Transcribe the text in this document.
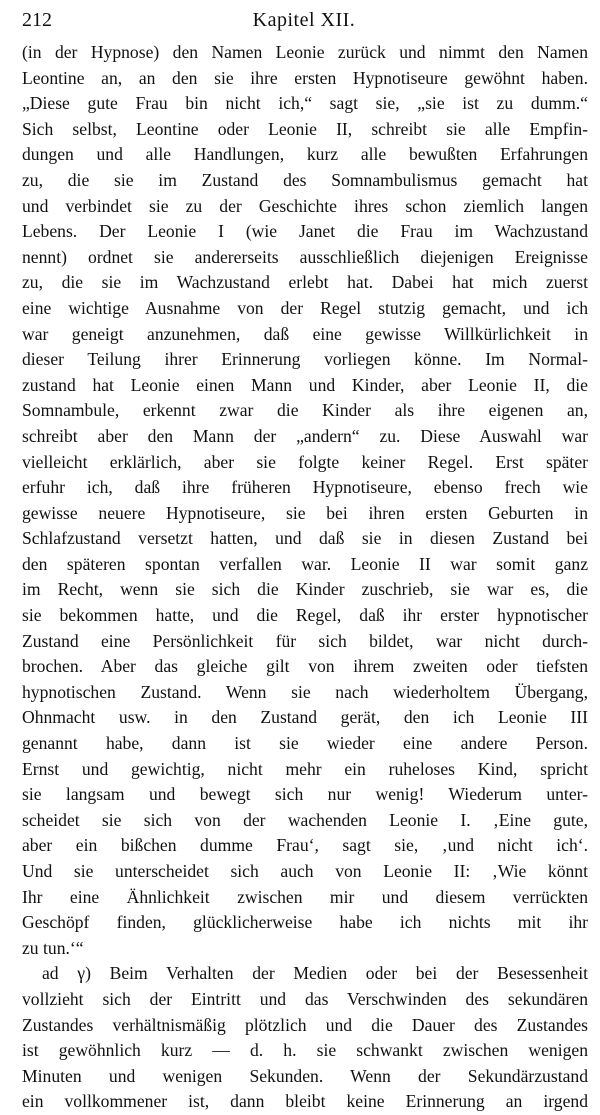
212	Kapitel XII.
(in der Hypnose) den Namen Leonie zurück und nimmt den Namen
Leontine an, an den sie ihre ersten Hypnotiseure gewöhnt haben.
„Diese gute Frau bin nicht ich,“ sagt sie, „sie ist zu dumm.“
Sich selbst, Leontine oder Leonie II, schreibt sie alle Empfin-
dungen und alle Handlungen, kurz alle bewußten Erfahrungen
zu, die sie im Zustand des Somnambulismus gemacht hat
und verbindet sie zu der Geschichte ihres schon ziemlich langen
Lebens. Der Leonie I (wie Janet die Frau im Wachzustand
nennt) ordnet sie andererseits ausschließlich diejenigen Ereignisse
zu, die sie im Wachzustand erlebt hat. Dabei hat mich zuerst
eine wichtige Ausnahme von der Regel stutzig gemacht, und ich
war geneigt anzunehmen, daß eine gewisse Willkürlichkeit in
dieser Teilung ihrer Erinnerung vorliegen könne. Im Normal-
zustand hat Leonie einen Mann und Kinder, aber Leonie II, die
Somnambule, erkennt zwar die Kinder als ihre eigenen an,
schreibt aber den Mann der „andern“ zu. Diese Auswahl war
vielleicht erklärlich, aber sie folgte keiner Regel. Erst später
erfuhr ich, daß ihre früheren Hypnotiseure, ebenso frech wie
gewisse neuere Hypnotiseure, sie bei ihren ersten Geburten in
Schlafzustand versetzt hatten, und daß sie in diesen Zustand bei
den späteren spontan verfallen war. Leonie II war somit ganz
im Recht, wenn sie sich die Kinder zuschrieb, sie war es, die
sie bekommen hatte, und die Regel, daß ihr erster hypnotischer
Zustand eine Persönlichkeit für sich bildet, war nicht durch-
brochen. Aber das gleiche gilt von ihrem zweiten oder tiefsten
hypnotischen Zustand. Wenn sie nach wiederholtem Übergang,
Ohnmacht usw. in den Zustand gerät, den ich Leonie III
genannt habe, dann ist sie wieder eine andere Person.
Ernst und gewichtig, nicht mehr ein ruheloses Kind, spricht
sie langsam und bewegt sich nur wenig! Wiederum unter-
scheidet sie sich von der wachenden Leonie I. ‚Eine gute,
aber ein bißchen dumme Frau‘, sagt sie, ‚und nicht ich‘.
Und sie unterscheidet sich auch von Leonie II: ‚Wie könnt
Ihr eine Ähnlichkeit zwischen mir und diesem verrückten
Geschöpf finden, glücklicherweise habe ich nichts mit ihr
zu tun.‘“
ad γ) Beim Verhalten der Medien oder bei der Besessenheit
vollzieht sich der Eintritt und das Verschwinden des sekundären
Zustandes verhältnismäßig plötzlich und die Dauer des Zustandes
ist gewöhnlich kurz — d. h. sie schwankt zwischen wenigen
Minuten und wenigen Sekunden. Wenn der Sekundärzustand
ein vollkommener ist, dann bleibt keine Erinnerung an irgend
